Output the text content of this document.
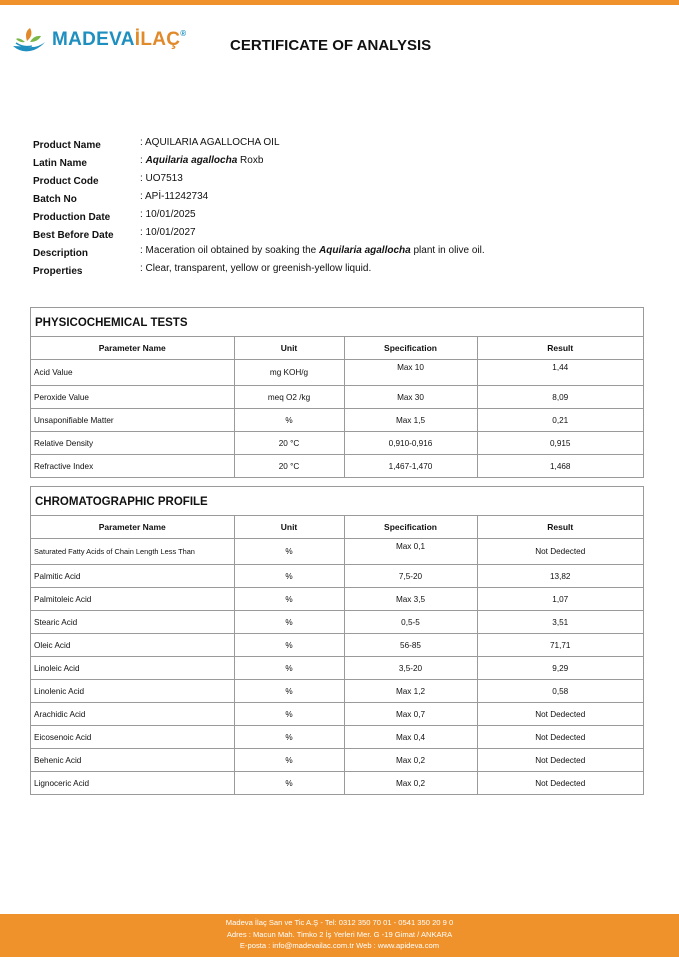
MADEVAİLAÇ®
CERTIFICATE OF ANALYSIS
Product Name	: AQUILARIA AGALLOCHA OIL
Latin Name	: Aquilaria agallocha Roxb
Product Code	: UO7513
Batch No	: APİ-11242734
Production Date	: 10/01/2025
Best Before Date	: 10/01/2027
Description	: Maceration oil obtained by soaking the Aquilaria agallocha plant in olive oil.
Properties	: Clear, transparent, yellow or greenish-yellow liquid.
PHYSICOCHEMICAL TESTS
Parameter Name	Unit	Specification	Result
Acid Value	mg KOH/g	Max 10	1,44
Peroxide Value	meq O2 /kg	Max 30	8,09
Unsaponifiable Matter	%	Max 1,5	0,21
Relative Density	20 °C	0,910-0,916	0,915
Refractive Index	20 °C	1,467-1,470	1,468
CHROMATOGRAPHIC PROFILE
Parameter Name	Unit	Specification	Result
Saturated Fatty Acids of Chain Length Less Than	%	Max 0,1	Not Dedected
Palmitic Acid	%	7,5-20	13,82
Palmitoleic Acid	%	Max 3,5	1,07
Stearic Acid	%	0,5-5	3,51
Oleic Acid	%	56-85	71,71
Linoleic Acid	%	3,5-20	9,29
Linolenic Acid	%	Max 1,2	0,58
Arachidic Acid	%	Max 0,7	Not Dedected
Eicosenoic Acid	%	Max 0,4	Not Dedected
Behenic Acid	%	Max 0,2	Not Dedected
Lignoceric Acid	%	Max 0,2	Not Dedected
Madeva İlaç San ve Tic A.Ş - Tel: 0312 350 70 01 - 0541 350 20 9 0
Adres : Macun Mah. Timko 2 İş Yerleri Mer. G -19 Gimat / ANKARA
E-posta : info@madevailac.com.tr Web : www.apideva.com
